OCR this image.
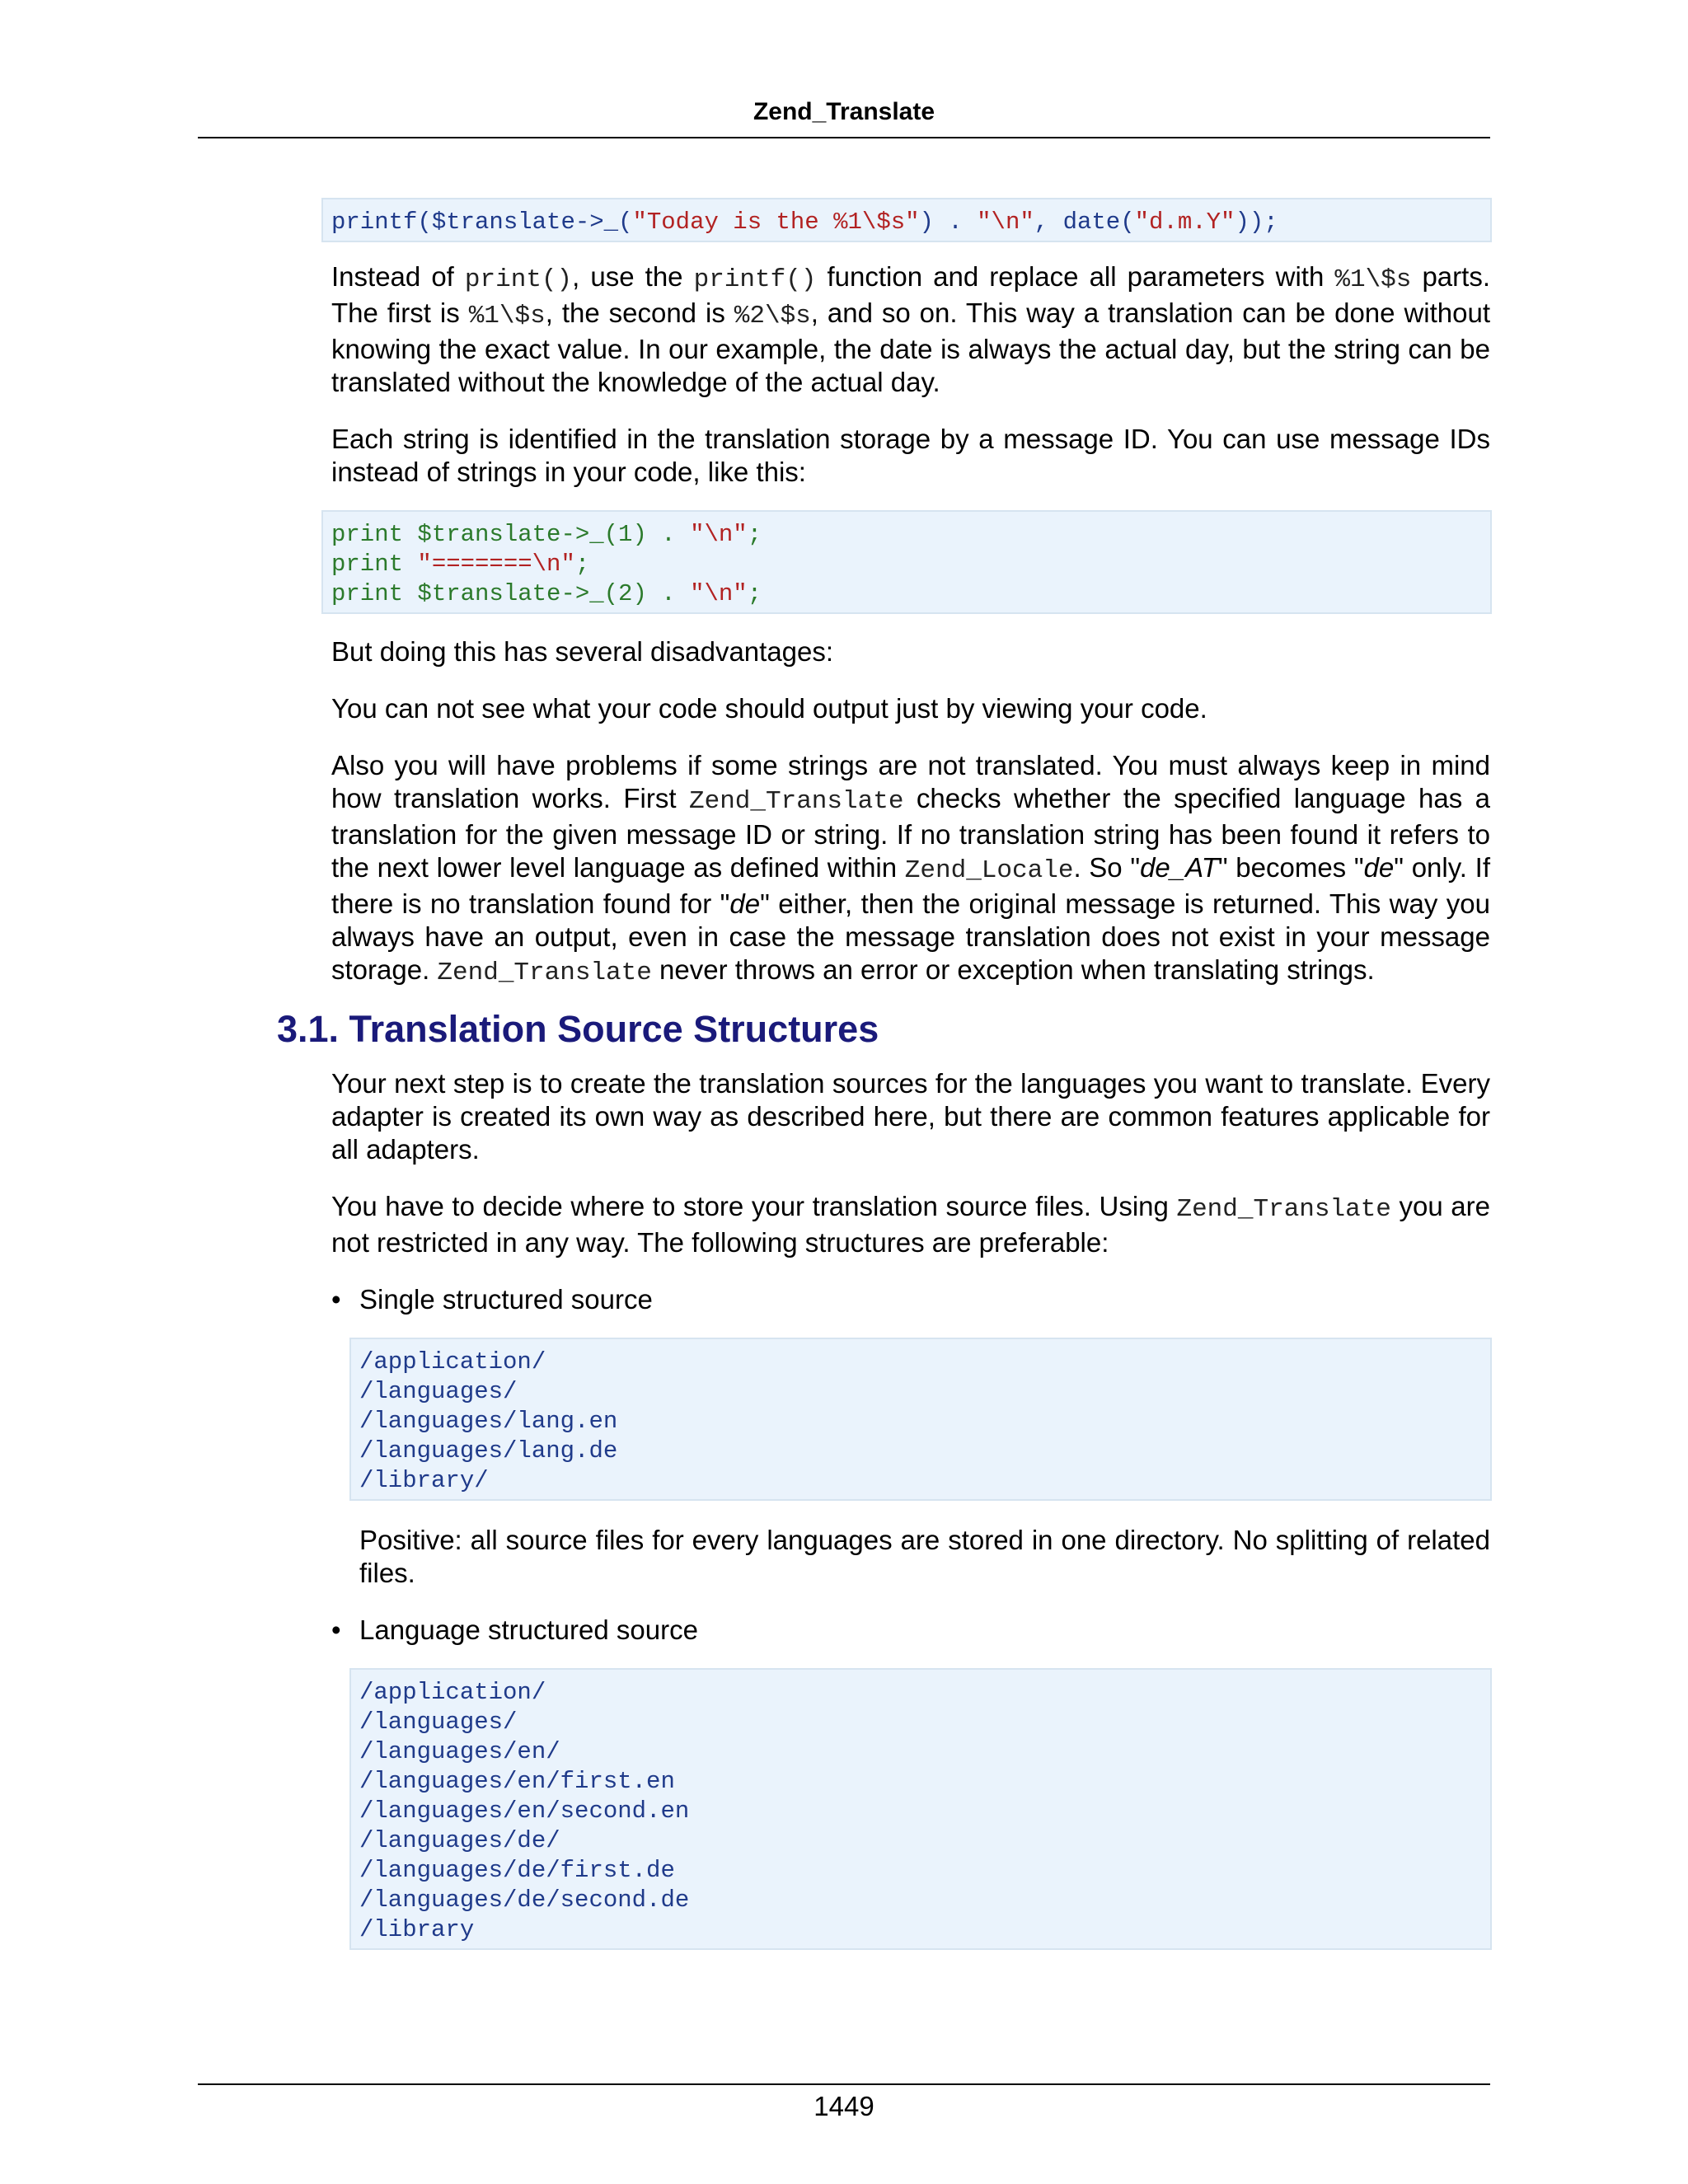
Zend_Translate
printf($translate->_("Today is the %1\$s") . "\n", date("d.m.Y"));

Instead of print(), use the printf() function and replace all parameters with %1\$s parts. The first is %1\$s, the second is %2\$s, and so on. This way a translation can be done without knowing the exact value. In our example, the date is always the actual day, but the string can be translated without the knowledge of the actual day.

Each string is identified in the translation storage by a message ID. You can use message IDs instead of strings in your code, like this:

print $translate->_(1) . "\n";
print "=======\n";
print $translate->_(2) . "\n";

But doing this has several disadvantages:

You can not see what your code should output just by viewing your code.

Also you will have problems if some strings are not translated. You must always keep in mind how translation works. First Zend_Translate checks whether the specified language has a translation for the given message ID or string. If no translation string has been found it refers to the next lower level language as defined within Zend_Locale. So "de_AT" becomes "de" only. If there is no translation found for "de" either, then the original message is returned. This way you always have an output, even in case the message translation does not exist in your message storage. Zend_Translate never throws an error or exception when translating strings.

3.1. Translation Source Structures

Your next step is to create the translation sources for the languages you want to translate. Every adapter is created its own way as described here, but there are common features applicable for all adapters.

You have to decide where to store your translation source files. Using Zend_Translate you are not restricted in any way. The following structures are preferable:

• Single structured source

/application/
/languages/
/languages/lang.en
/languages/lang.de
/library/

Positive: all source files for every languages are stored in one directory. No splitting of related files.

• Language structured source

/application/
/languages/
/languages/en/
/languages/en/first.en
/languages/en/second.en
/languages/de/
/languages/de/first.de
/languages/de/second.de
/library
1449
